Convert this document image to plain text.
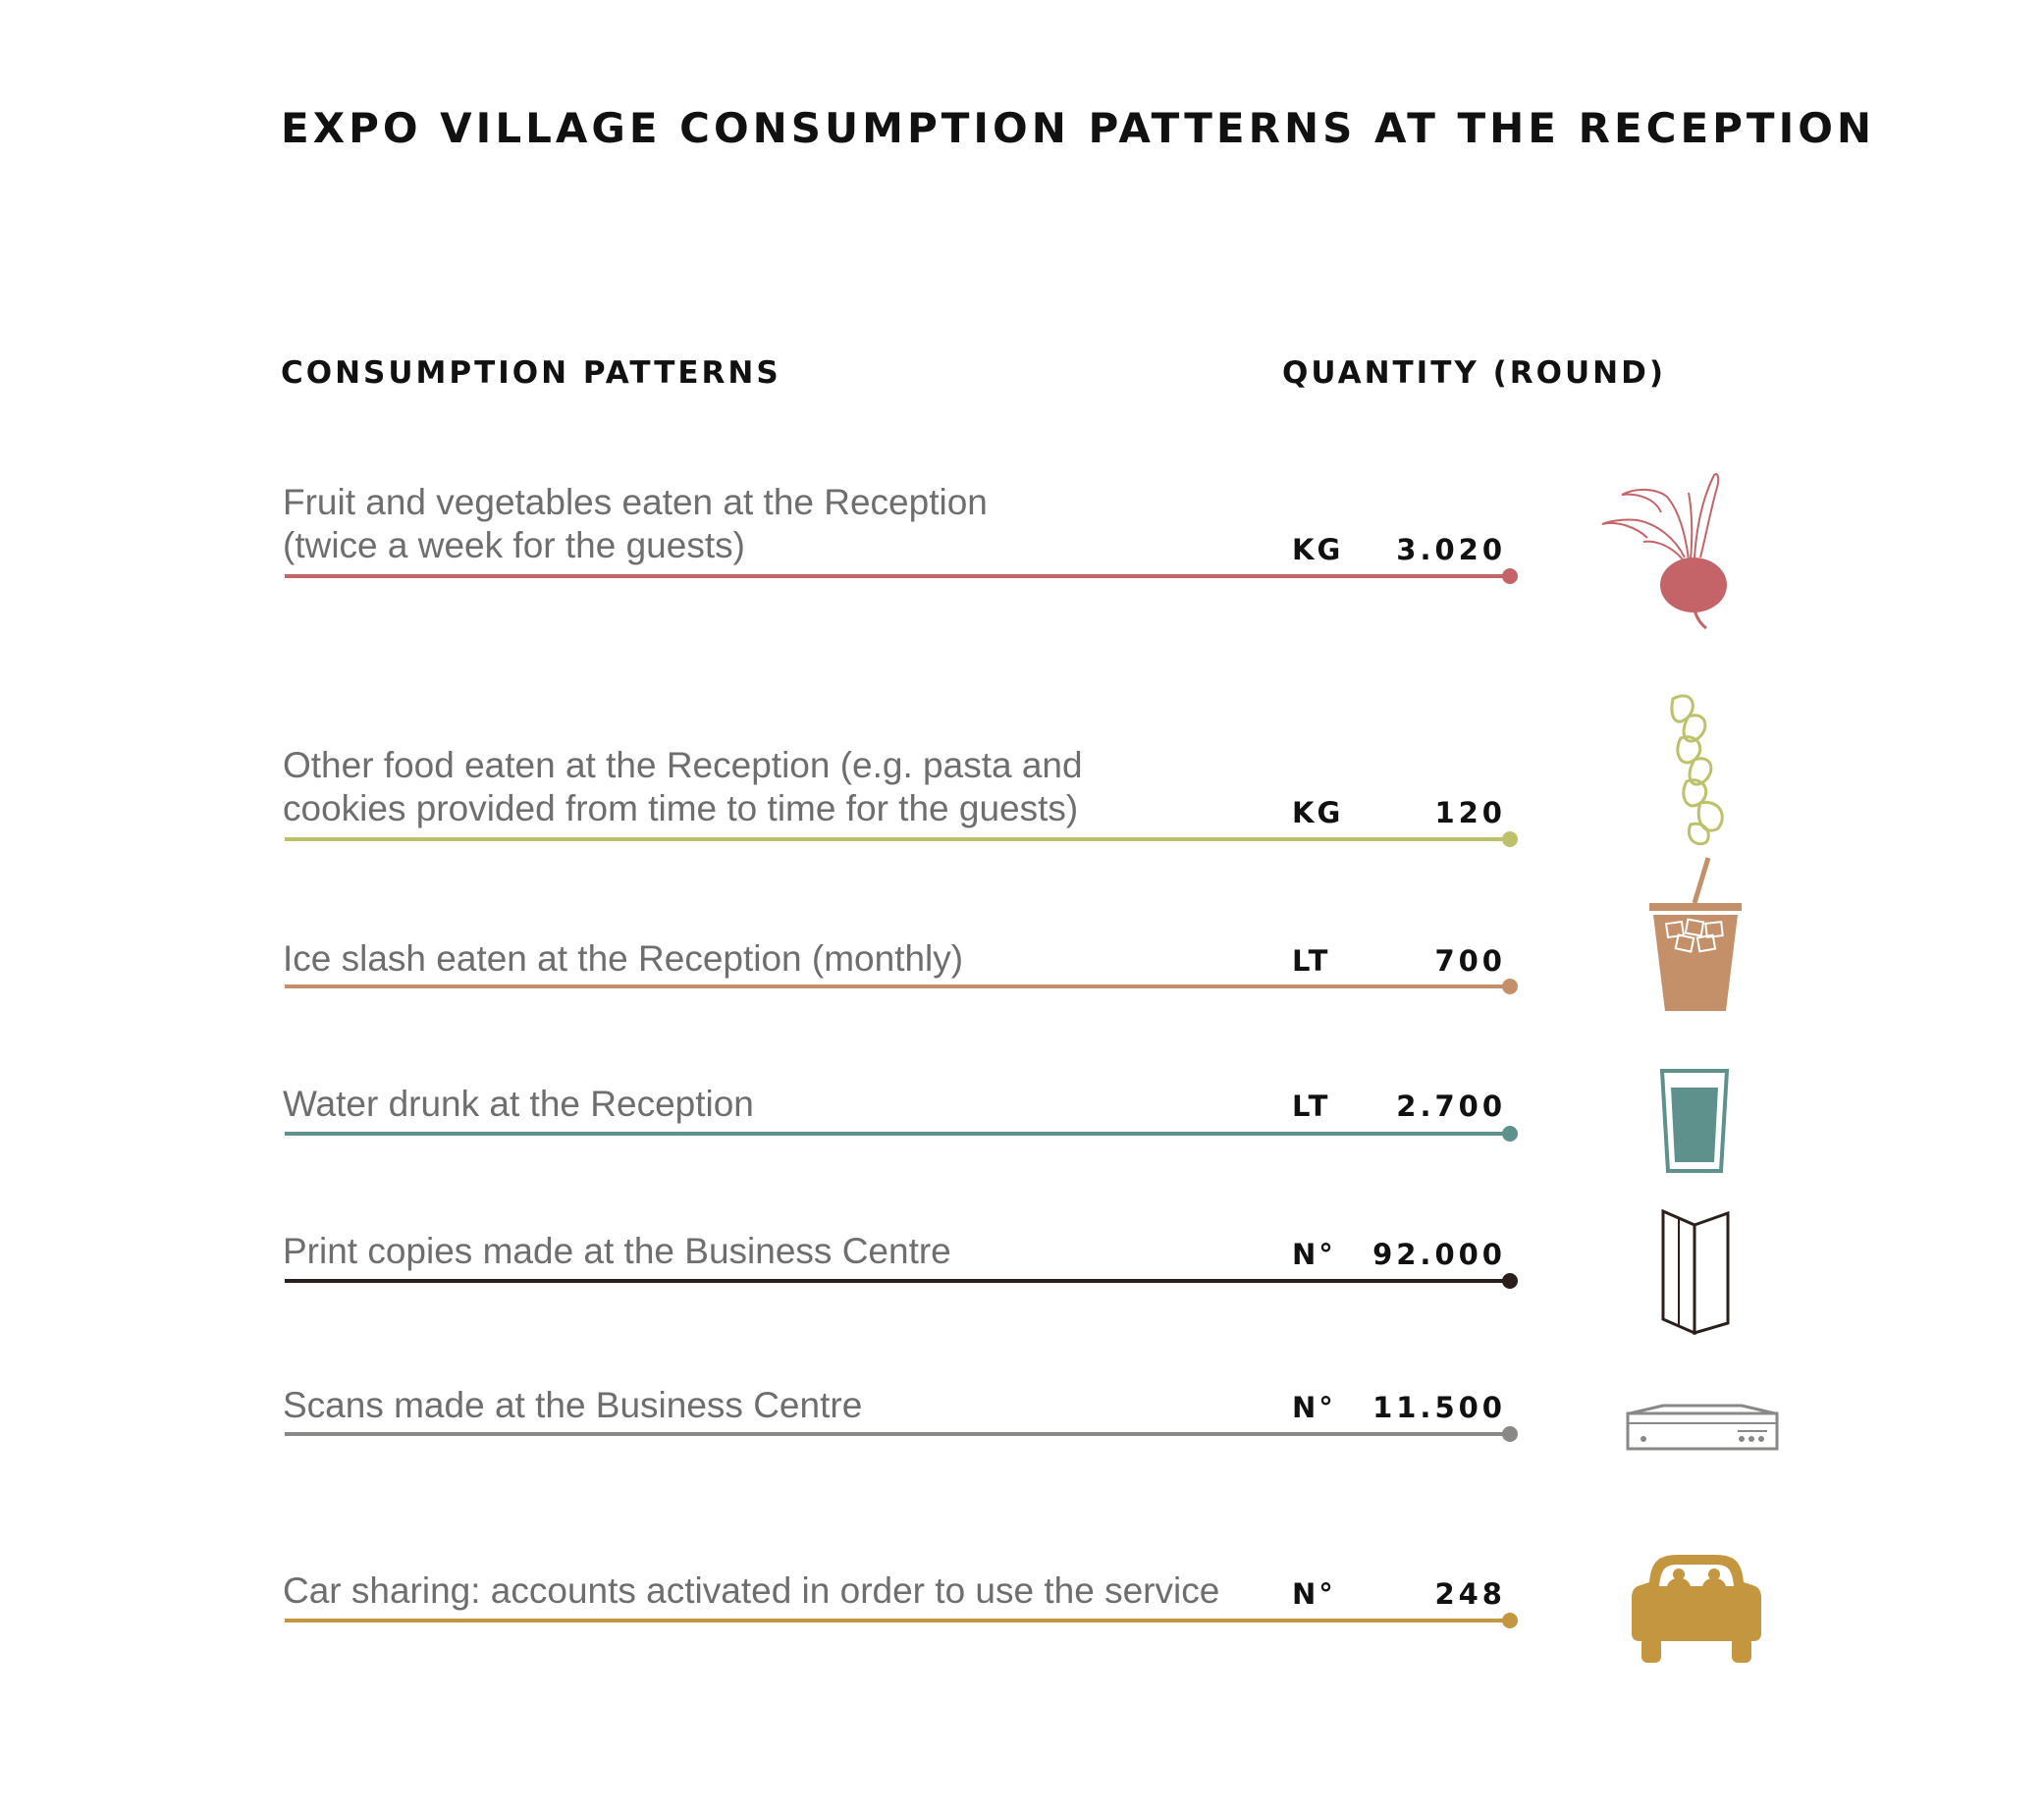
EXPO VILLAGE CONSUMPTION PATTERNS AT THE RECEPTION
CONSUMPTION PATTERNS	QUANTITY (ROUND)
Fruit and vegetables eaten at the Reception
(twice a week for the guests)	KG 3.020
Other food eaten at the Reception (e.g. pasta and
cookies provided from time to time for the guests)	KG	120
Ice slash eaten at the Reception (monthly)	LT	700
Water drunk at the Reception	LT 2.700
Print copies made at the Business Centre	N° 92.000
Scans made at the Business Centre	N° 11.500
Car sharing: accounts activated in order to use the service	N°	248
